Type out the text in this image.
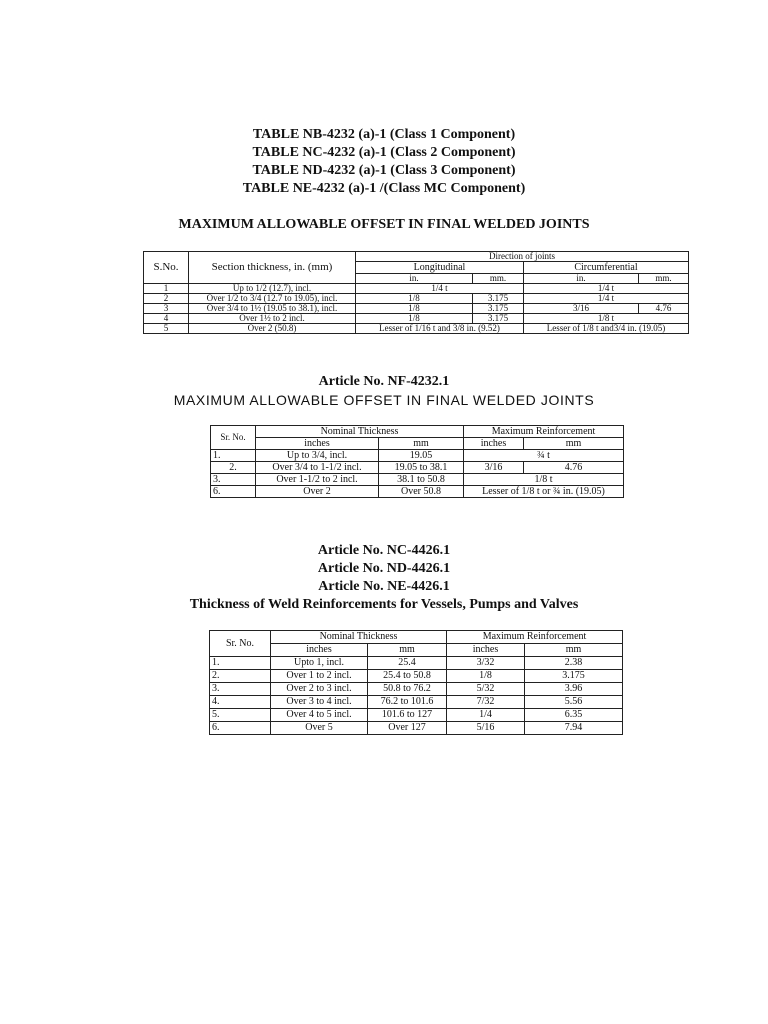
TABLE NB-4232 (a)-1 (Class 1 Component)

TABLE NC-4232 (a)-1 (Class 2 Component)

TABLE ND-4232 (a)-1 (Class 3 Component)

TABLE NE-4232 (a)-1 /(Class MC Component)

MAXIMUM ALLOWABLE OFFSET IN FINAL WELDED JOINTS

S.No.	Section thickness, in. (mm)	Direction of joints			
		Longitudinal		Circumferential	
		in.	mm.	in.	mm.
1	Up to 1/2 (12.7), incl.	1/4 t		1/4 t	
2	Over 1/2 to 3/4 (12.7 to 19.05), incl.	1/8	3.175	1/4 t	
3	Over 3/4 to 1½ (19.05 to 38.1), incl.	1/8	3.175	3/16	4.76
4	Over 1½ to 2 incl.	1/8	3.175	1/8 t	
5	Over 2 (50.8)	Lesser of 1/16 t and 3/8 in. (9.52)		Lesser of 1/8 t and3/4 in. (19.05)	

Article No. NF-4232.1

MAXIMUM ALLOWABLE OFFSET IN FINAL WELDED JOINTS

Sr. No.	Nominal Thickness		Maximum Reinforcement	
	inches	mm	inches	mm
1.	Up to 3/4, incl.	19.05	¾ t	
2.	Over 3/4 to 1-1/2 incl.	19.05 to 38.1	3/16	4.76
3.	Over 1-1/2 to 2 incl.	38.1 to 50.8	1/8 t	
6.	Over 2	Over 50.8	Lesser of 1/8 t or ¾ in. (19.05)	

Article No. NC-4426.1

Article No. ND-4426.1

Article No. NE-4426.1

Thickness of Weld Reinforcements for Vessels, Pumps and Valves

Sr. No.	Nominal Thickness		Maximum Reinforcement	
	inches	mm	inches	mm
1.	Upto 1, incl.	25.4	3/32	2.38
2.	Over 1 to 2 incl.	25.4 to 50.8	1/8	3.175
3.	Over 2 to 3 incl.	50.8 to 76.2	5/32	3.96
4.	Over 3 to 4 incl.	76.2 to 101.6	7/32	5.56
5.	Over 4 to 5 incl.	101.6 to 127	1/4	6.35
6.	Over 5	Over 127	5/16	7.94
